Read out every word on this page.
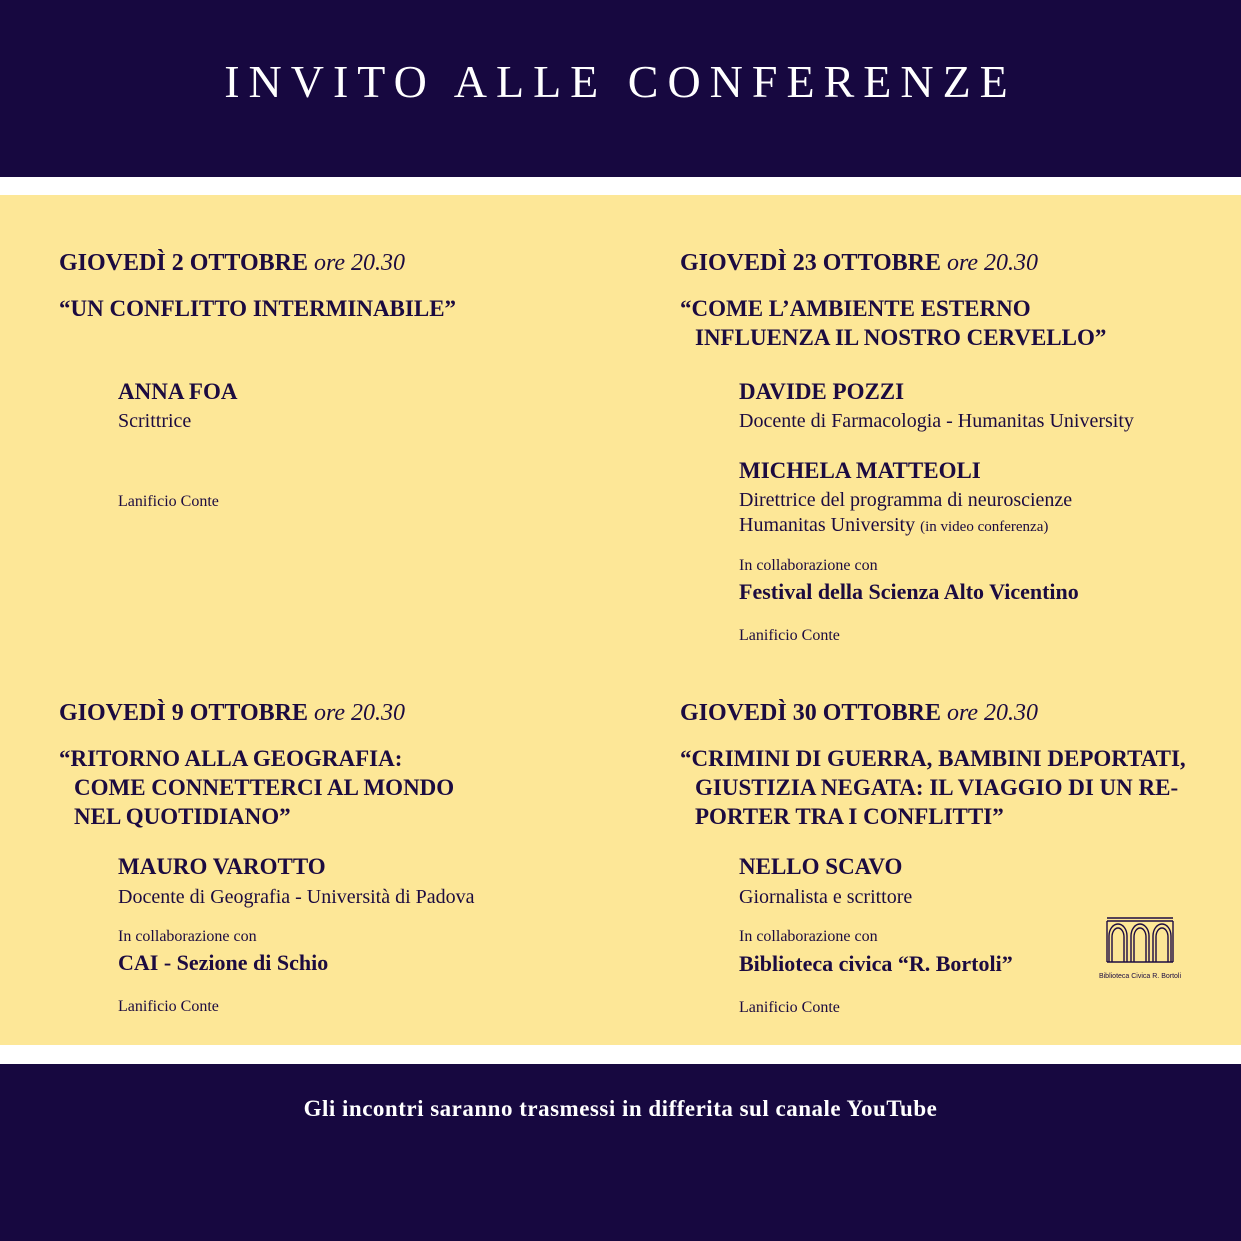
INVITO ALLE CONFERENZE
GIOVEDÌ 2 OTTOBRE ore 20.30
“UN CONFLITTO INTERMINABILE”
ANNA FOA
Scrittrice
Lanificio Conte
GIOVEDÌ 23 OTTOBRE ore 20.30
“COME L’AMBIENTE ESTERNO
INFLUENZA IL NOSTRO CERVELLO”
DAVIDE POZZI
Docente di Farmacologia - Humanitas University
MICHELA MATTEOLI
Direttrice del programma di neuroscienze
Humanitas University (in video conferenza)
In collaborazione con
Festival della Scienza Alto Vicentino
Lanificio Conte
GIOVEDÌ 9 OTTOBRE ore 20.30
“RITORNO ALLA GEOGRAFIA:
COME CONNETTERCI AL MONDO
NEL QUOTIDIANO”
MAURO VAROTTO
Docente di Geografia - Università di Padova
In collaborazione con
CAI - Sezione di Schio
Lanificio Conte
GIOVEDÌ 30 OTTOBRE ore 20.30
“CRIMINI DI GUERRA, BAMBINI DEPORTATI,
GIUSTIZIA NEGATA: IL VIAGGIO DI UN RE-
PORTER TRA I CONFLITTI”
NELLO SCAVO
Giornalista e scrittore
In collaborazione con
Biblioteca civica “R. Bortoli”
Lanificio Conte
Biblioteca Civica R. Bortoli
Gli incontri saranno trasmessi in differita sul canale YouTube
